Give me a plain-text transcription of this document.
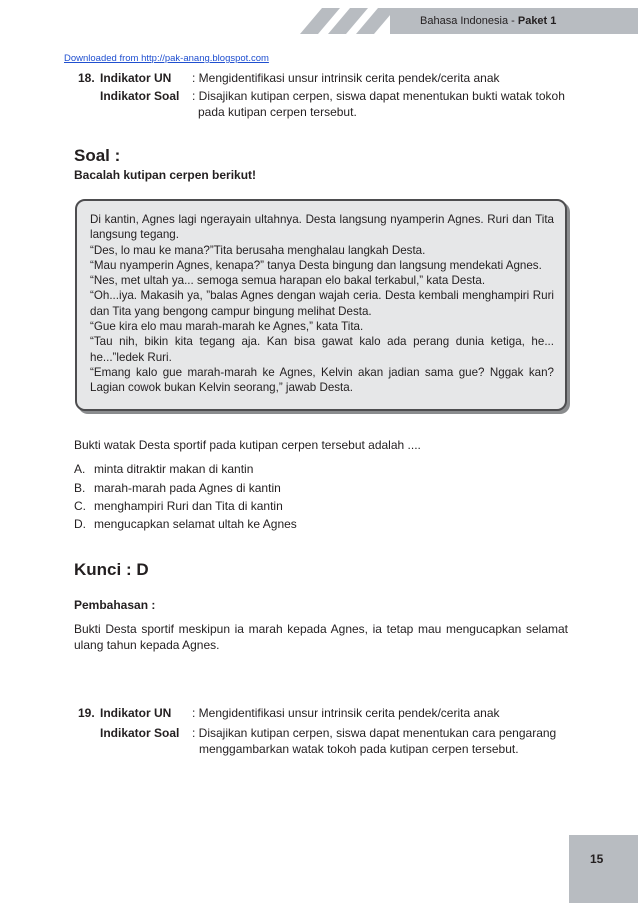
Bahasa Indonesia - Paket 1
Downloaded from http://pak-anang.blogspot.com
18. Indikator UN : Mengidentifikasi unsur intrinsik cerita pendek/cerita anak
Indikator Soal : Disajikan kutipan cerpen, siswa dapat menentukan bukti watak tokoh
pada kutipan cerpen tersebut.
Soal :
Bacalah kutipan cerpen berikut!

Di kantin, Agnes lagi ngerayain ultahnya. Desta langsung nyamperin Agnes. Ruri dan Tita langsung tegang.

“Des, lo mau ke mana?”Tita berusaha menghalau langkah Desta.

“Mau nyamperin Agnes, kenapa?” tanya Desta bingung dan langsung mendekati Agnes.

“Nes, met ultah ya... semoga semua harapan elo bakal terkabul,” kata Desta.

“Oh...iya. Makasih ya, ”balas Agnes dengan wajah ceria. Desta kembali menghampiri Ruri dan Tita yang bengong campur bingung melihat Desta.

“Gue kira elo mau marah-marah ke Agnes,” kata Tita.

“Tau nih, bikin kita tegang aja. Kan bisa gawat kalo ada perang dunia ketiga, he... he...”ledek Ruri.

“Emang kalo gue marah-marah ke Agnes, Kelvin akan jadian sama gue? Nggak kan? Lagian cowok bukan Kelvin seorang,” jawab Desta.

Bukti watak Desta sportif pada kutipan cerpen tersebut adalah ....
A. minta ditraktir makan di kantin
B. marah-marah pada Agnes di kantin
C. menghampiri Ruri dan Tita di kantin
D. mengucapkan selamat ultah ke Agnes
Kunci : D
Pembahasan :
Bukti Desta sportif meskipun ia marah kepada Agnes, ia tetap mau mengucapkan selamat ulang tahun kepada Agnes.
19. Indikator UN : Mengidentifikasi unsur intrinsik cerita pendek/cerita anak
Indikator Soal : Disajikan kutipan cerpen, siswa dapat menentukan cara pengarang
menggambarkan watak tokoh pada kutipan cerpen tersebut.
15
